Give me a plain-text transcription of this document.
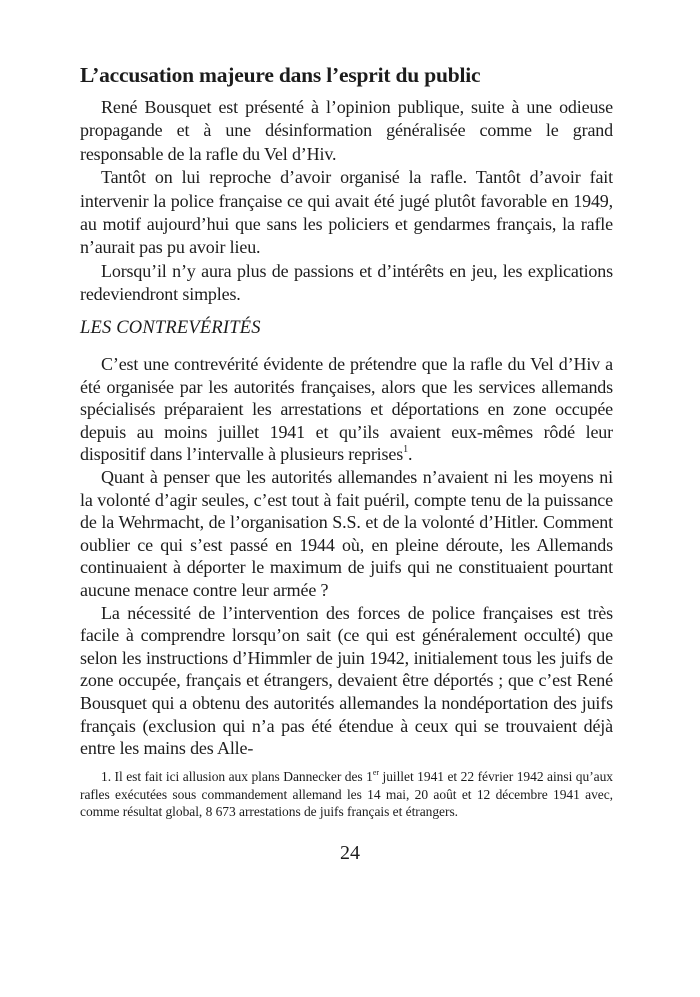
L’accusation majeure dans l’esprit du public

René Bousquet est présenté à l’opinion publique, suite à une odieuse propagande et à une désinformation généralisée comme le grand responsable de la rafle du Vel d’Hiv.

Tantôt on lui reproche d’avoir organisé la rafle. Tantôt d’avoir fait intervenir la police française ce qui avait été jugé plutôt favorable en 1949, au motif aujourd’hui que sans les policiers et gendarmes français, la rafle n’aurait pas pu avoir lieu.

Lorsqu’il n’y aura plus de passions et d’intérêts en jeu, les explications redeviendront simples.

LES CONTREVÉRITÉS

C’est une contrevérité évidente de prétendre que la rafle du Vel d’Hiv a été organisée par les autorités françaises, alors que les services allemands spécialisés préparaient les arrestations et déportations en zone occupée depuis au moins juillet 1941 et qu’ils avaient eux-mêmes rôdé leur dispositif dans l’intervalle à plusieurs reprises$^1$.

Quant à penser que les autorités allemandes n’avaient ni les moyens ni la volonté d’agir seules, c’est tout à fait puéril, compte tenu de la puissance de la Wehrmacht, de l’organisation S.S. et de la volonté d’Hitler. Comment oublier ce qui s’est passé en 1944 où, en pleine déroute, les Allemands continuaient à déporter le maximum de juifs qui ne constituaient pourtant aucune menace contre leur armée ?

La nécessité de l’intervention des forces de police françaises est très facile à comprendre lorsqu’on sait (ce qui est généralement occulté) que selon les instructions d’Himmler de juin 1942, initialement tous les juifs de zone occupée, français et étrangers, devaient être déportés ; que c’est René Bousquet qui a obtenu des autorités allemandes la nondéportation des juifs français (exclusion qui n’a pas été étendue à ceux qui se trouvaient déjà entre les mains des Alle-

1. Il est fait ici allusion aux plans Dannecker des 1er juillet 1941 et 22 février 1942 ainsi qu’aux rafles exécutées sous commandement allemand les 14 mai, 20 août et 12 décembre 1941 avec, comme résultat global, 8 673 arrestations de juifs français et étrangers.

24
